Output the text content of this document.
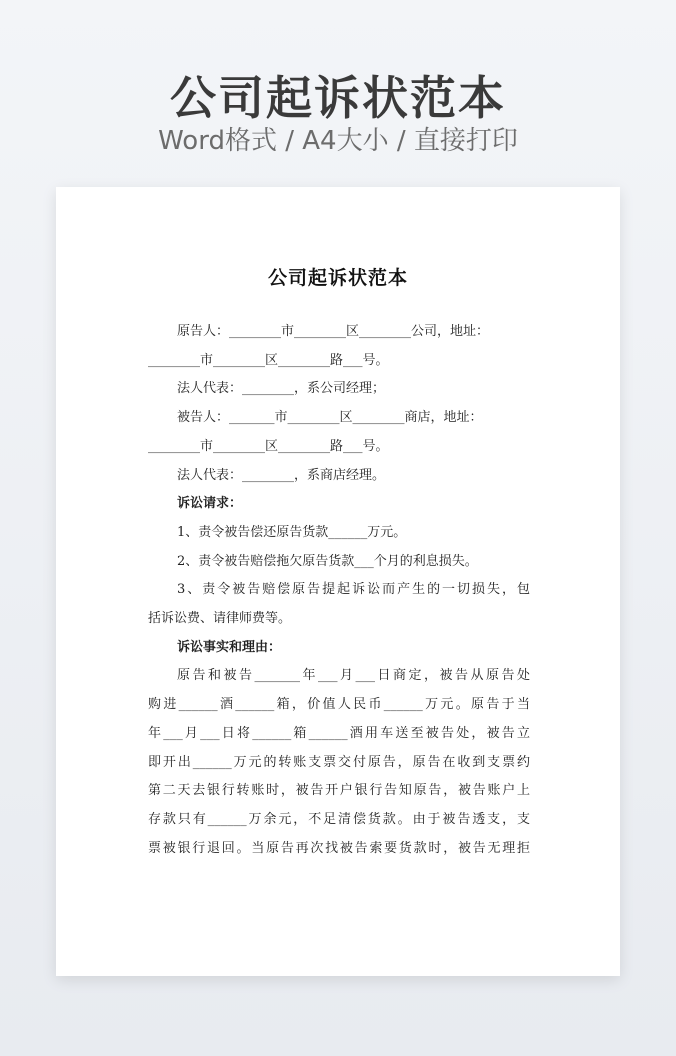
公司起诉状范本
Word格式 / A4大小 / 直接打印
公司起诉状范本

原告人：________市________区________公司，地址：

________市________区________路___号。

法人代表：________，系公司经理；

被告人：_______市________区________商店，地址：

________市________区________路___号。

法人代表：________，系商店经理。

诉讼请求：

1、责令被告偿还原告货款______万元。

2、责令被告赔偿拖欠原告货款___个月的利息损失。

3、责令被告赔偿原告提起诉讼而产生的一切损失，包

括诉讼费、请律师费等。

诉讼事实和理由：

原告和被告_______年___月___日商定，被告从原告处

购进______酒______箱，价值人民币______万元。原告于当

年___月___日将______箱______酒用车送至被告处，被告立

即开出______万元的转账支票交付原告，原告在收到支票约

第二天去银行转账时，被告开户银行告知原告，被告账户上

存款只有______万余元，不足清偿货款。由于被告透支，支

票被银行退回。当原告再次找被告索要货款时，被告无理拒
